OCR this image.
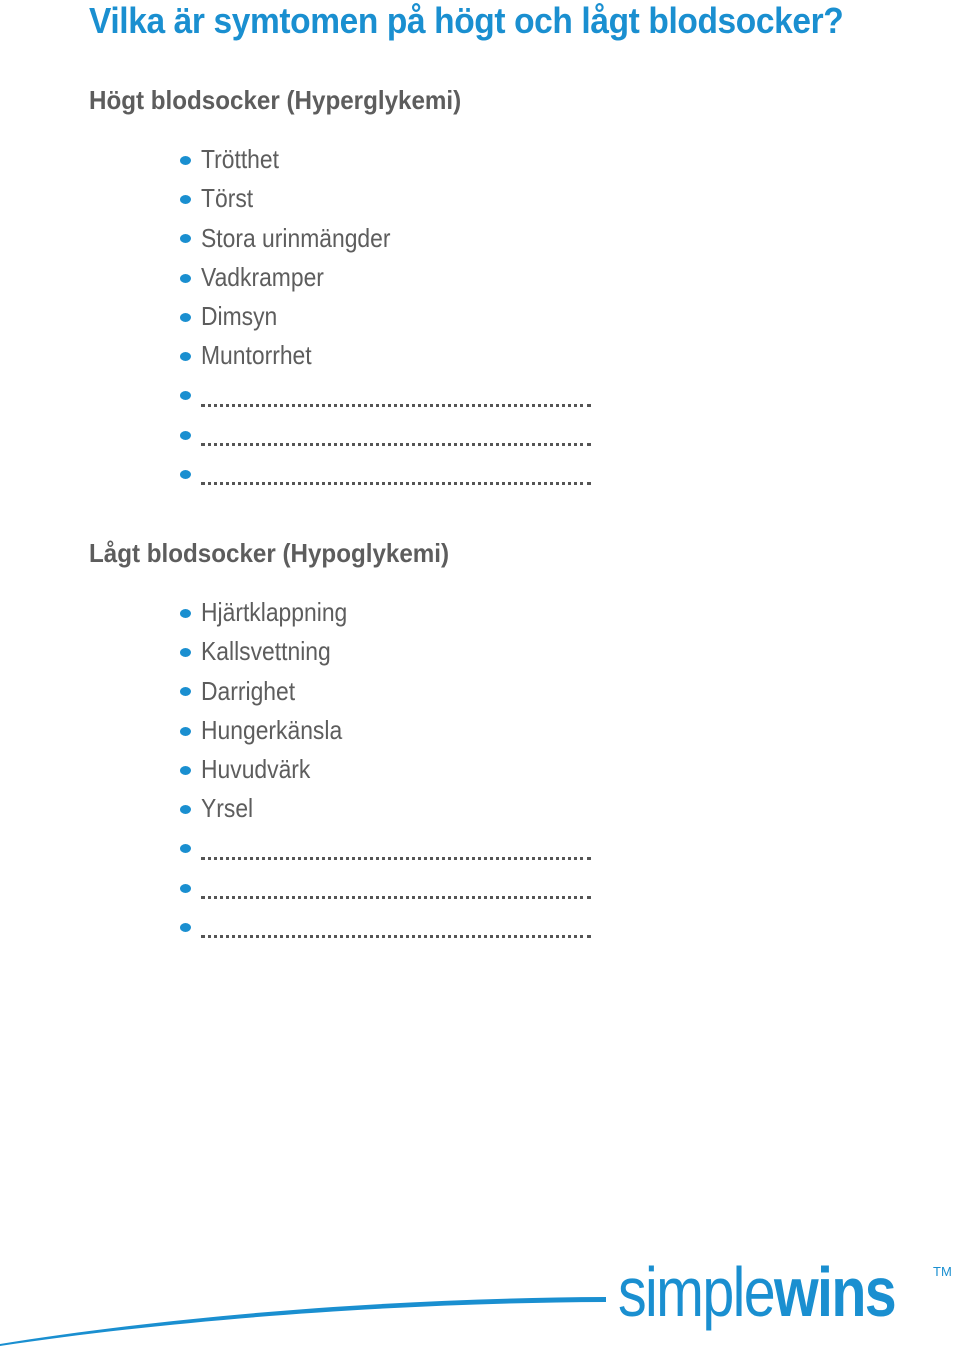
Vilka är symtomen på högt och lågt blodsocker?
Högt blodsocker (Hyperglykemi)
Trötthet
Törst
Stora urinmängder
Vadkramper
Dimsyn
Muntorrhet
Lågt blodsocker (Hypoglykemi)
Hjärtklappning
Kallsvettning
Darrighet
Hungerkänsla
Huvudvärk
Yrsel
simplewins	TM
